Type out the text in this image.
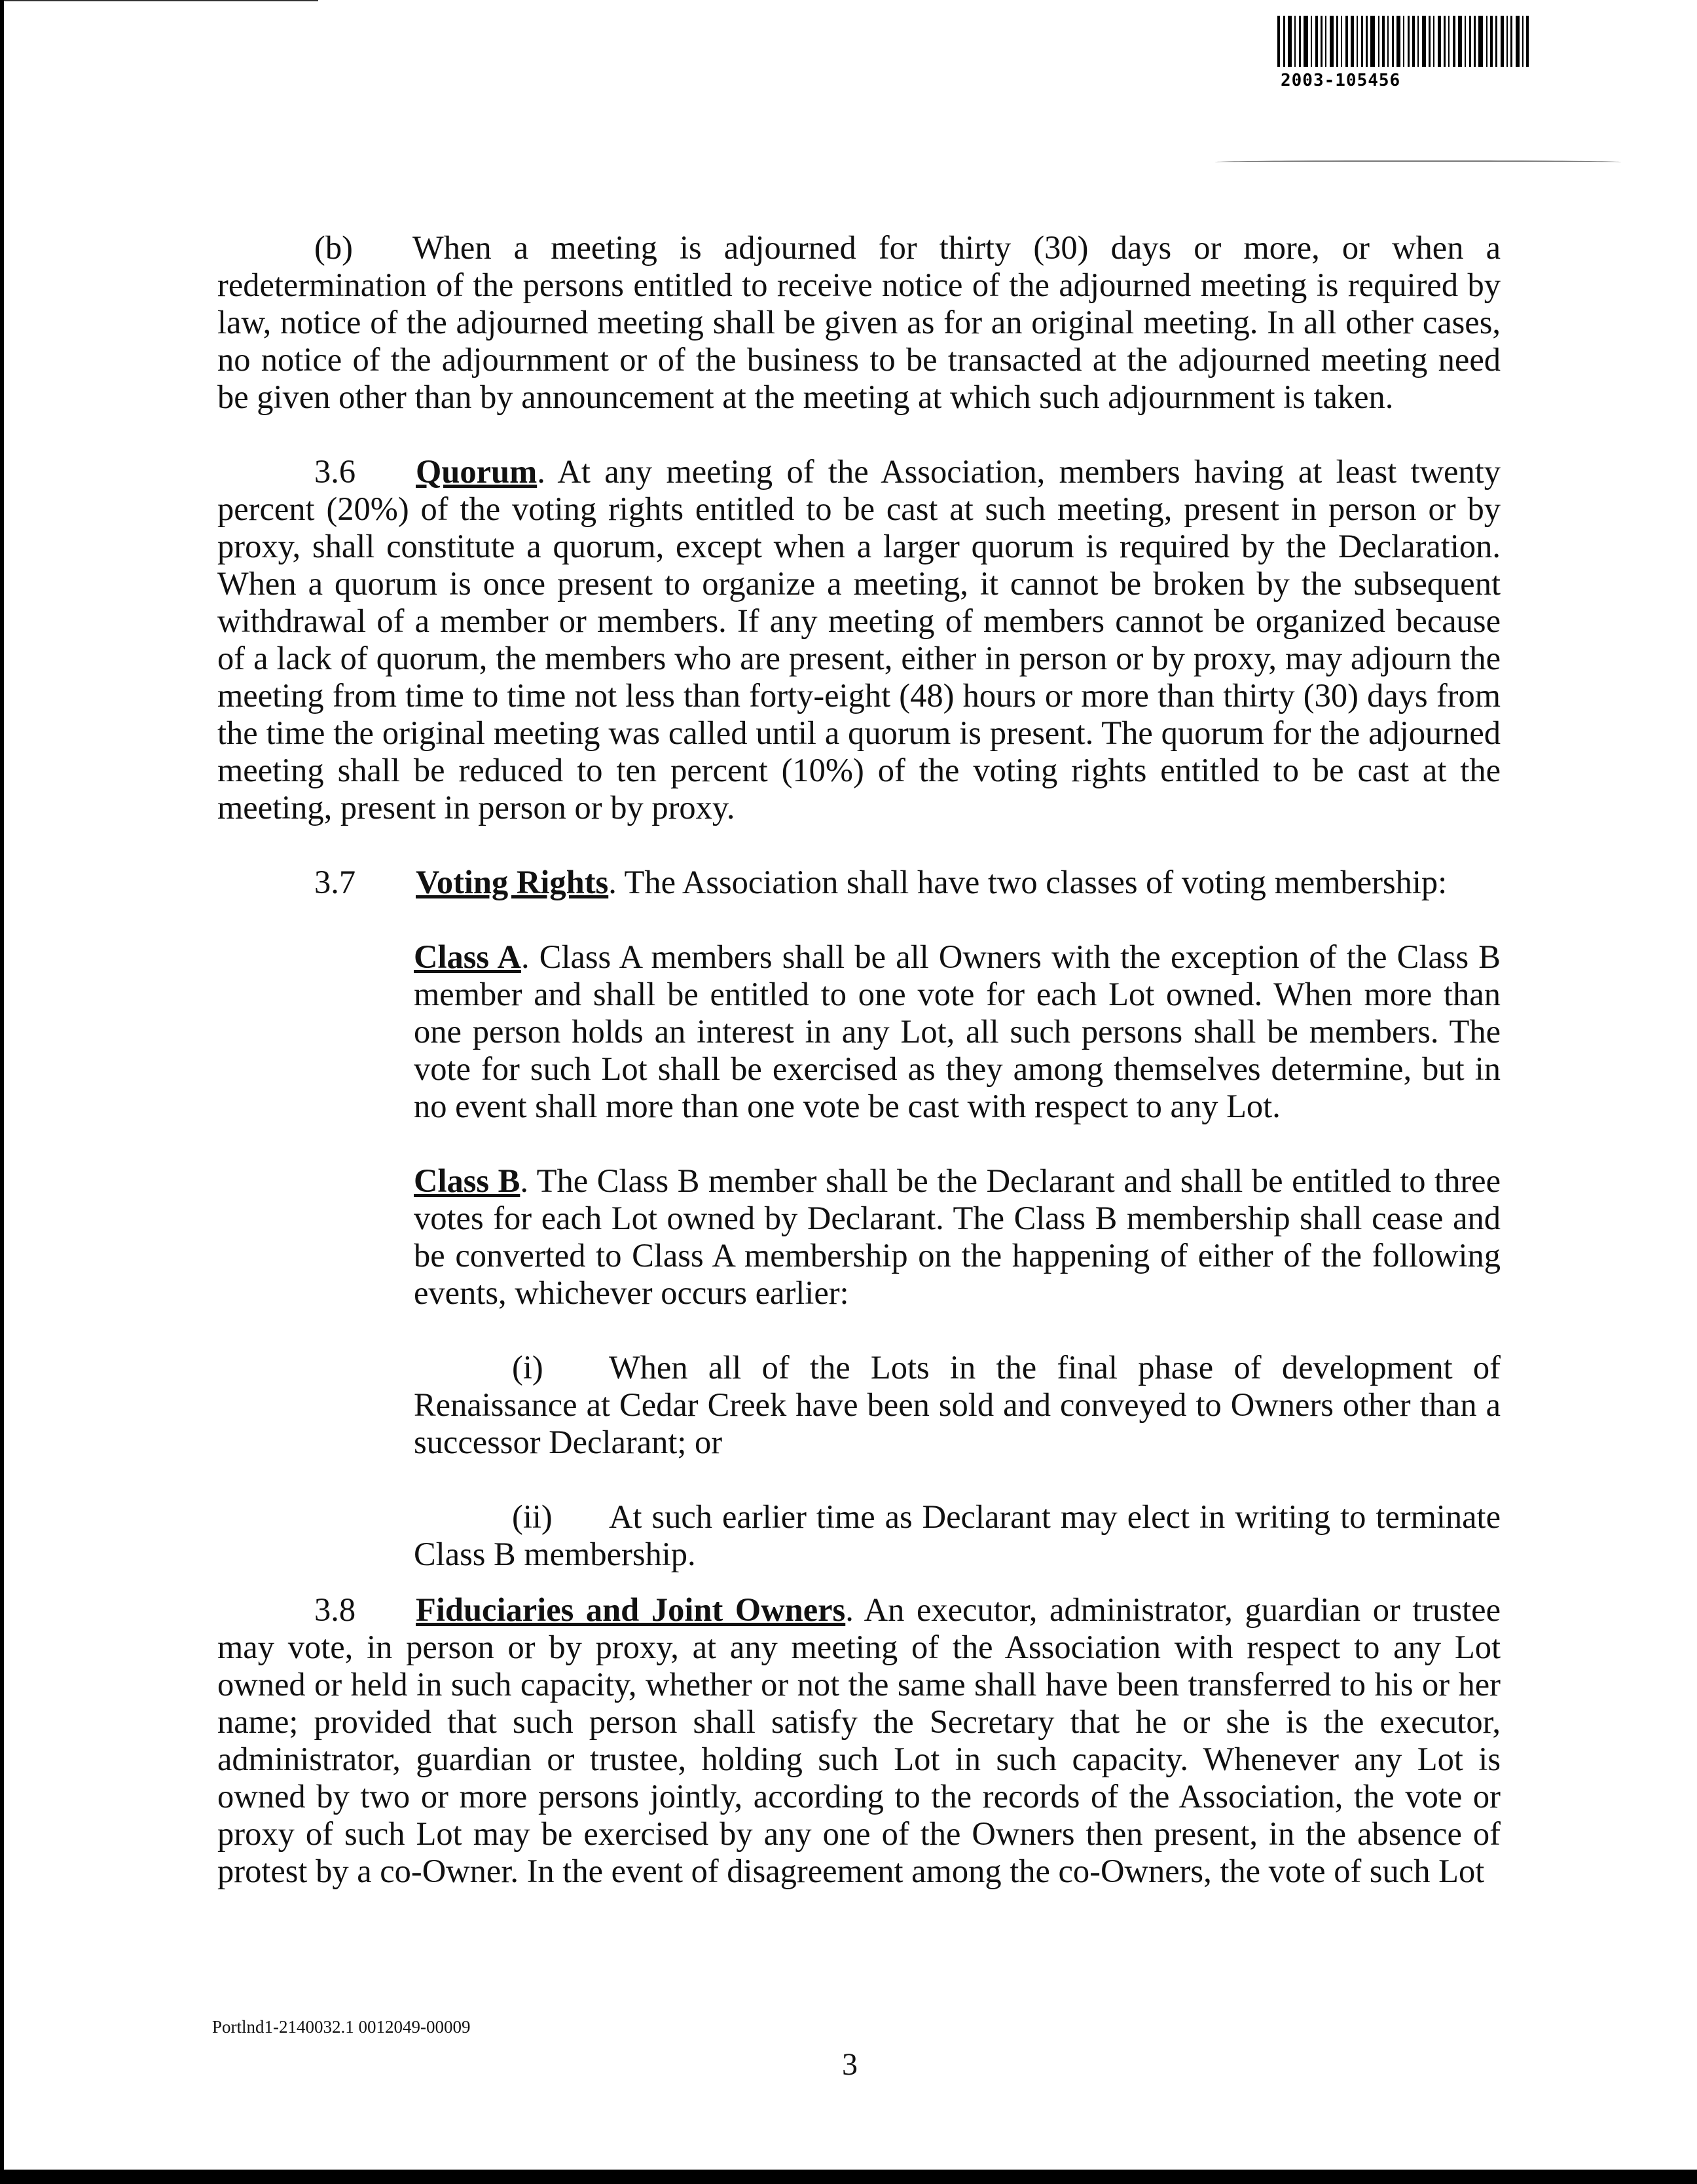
2003-105456

(b) When a meeting is adjourned for thirty (30) days or more, or when a redetermination of the persons entitled to receive notice of the adjourned meeting is required by law, notice of the adjourned meeting shall be given as for an original meeting. In all other cases, no notice of the adjournment or of the business to be transacted at the adjourned meeting need be given other than by announcement at the meeting at which such adjournment is taken.

3.6 Quorum. At any meeting of the Association, members having at least twenty percent (20%) of the voting rights entitled to be cast at such meeting, present in person or by proxy, shall constitute a quorum, except when a larger quorum is required by the Declaration. When a quorum is once present to organize a meeting, it cannot be broken by the subsequent withdrawal of a member or members. If any meeting of members cannot be organized because of a lack of quorum, the members who are present, either in person or by proxy, may adjourn the meeting from time to time not less than forty-eight (48) hours or more than thirty (30) days from the time the original meeting was called until a quorum is present. The quorum for the adjourned meeting shall be reduced to ten percent (10%) of the voting rights entitled to be cast at the meeting, present in person or by proxy.

3.7 Voting Rights. The Association shall have two classes of voting membership:

Class A. Class A members shall be all Owners with the exception of the Class B member and shall be entitled to one vote for each Lot owned. When more than one person holds an interest in any Lot, all such persons shall be members. The vote for such Lot shall be exercised as they among themselves determine, but in no event shall more than one vote be cast with respect to any Lot.

Class B. The Class B member shall be the Declarant and shall be entitled to three votes for each Lot owned by Declarant. The Class B membership shall cease and be converted to Class A membership on the happening of either of the following events, whichever occurs earlier:

(i) When all of the Lots in the final phase of development of Renaissance at Cedar Creek have been sold and conveyed to Owners other than a successor Declarant; or

(ii) At such earlier time as Declarant may elect in writing to terminate Class B membership.

3.8 Fiduciaries and Joint Owners. An executor, administrator, guardian or trustee may vote, in person or by proxy, at any meeting of the Association with respect to any Lot owned or held in such capacity, whether or not the same shall have been transferred to his or her name; provided that such person shall satisfy the Secretary that he or she is the executor, administrator, guardian or trustee, holding such Lot in such capacity. Whenever any Lot is owned by two or more persons jointly, according to the records of the Association, the vote or proxy of such Lot may be exercised by any one of the Owners then present, in the absence of protest by a co-Owner. In the event of disagreement among the co-Owners, the vote of such Lot

Portlnd1-2140032.1 0012049-00009
3
